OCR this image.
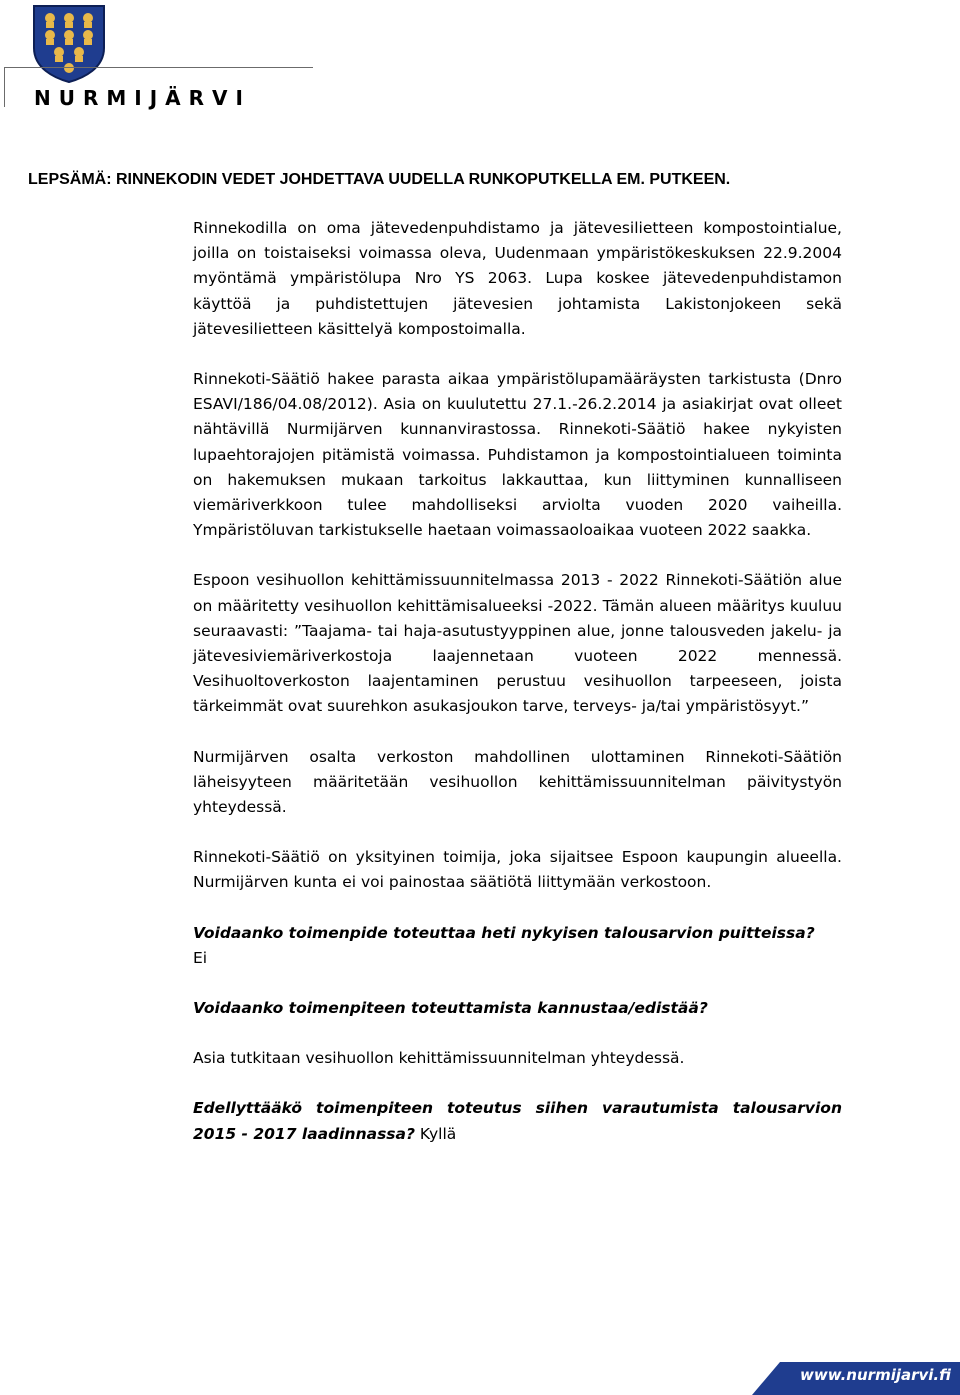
NURMIJÄRVI
LEPSÄMÄ: RINNEKODIN VEDET JOHDETTAVA UUDELLA RUNKOPUTKELLA EM. PUTKEEN.

Rinnekodilla on oma jätevedenpuhdistamo ja jätevesilietteen kompostointialue, joilla on toistaiseksi voimassa oleva, Uudenmaan ympäristökeskuksen 22.9.2004 myöntämä ympäristölupa Nro YS 2063. Lupa koskee jätevedenpuhdistamon käyttöä ja puhdistettujen jätevesien johtamista Lakistonjokeen sekä jätevesilietteen käsittelyä kompostoimalla.

Rinnekoti-Säätiö hakee parasta aikaa ympäristölupamääräysten tarkistusta (Dnro ESAVI/186/04.08/2012). Asia on kuulutettu 27.1.-26.2.2014 ja asiakirjat ovat olleet nähtävillä Nurmijärven kunnanvirastossa. Rinnekoti-Säätiö hakee nykyisten lupaehtorajojen pitämistä voimassa. Puhdistamon ja kompostointialueen toiminta on hakemuksen mukaan tarkoitus lakkauttaa, kun liittyminen kunnalliseen viemäriverkkoon tulee mahdolliseksi arviolta vuoden 2020 vaiheilla. Ympäristöluvan tarkistukselle haetaan voimassaoloaikaa vuoteen 2022 saakka.

Espoon vesihuollon kehittämissuunnitelmassa 2013 - 2022 Rinnekoti-Säätiön alue on määritetty vesihuollon kehittämisalueeksi -2022. Tämän alueen määritys kuuluu seuraavasti: ”Taajama- tai haja-asutustyyppinen alue, jonne talousveden jakelu- ja jätevesiviemäriverkostoja laajennetaan vuoteen 2022 mennessä. Vesihuoltoverkoston laajentaminen perustuu vesihuollon tarpeeseen, joista tärkeimmät ovat suurehkon asukasjoukon tarve, terveys- ja/tai ympäristösyyt.”

Nurmijärven osalta verkoston mahdollinen ulottaminen Rinnekoti-Säätiön läheisyyteen määritetään vesihuollon kehittämissuunnitelman päivitystyön yhteydessä.

Rinnekoti-Säätiö on yksityinen toimija, joka sijaitsee Espoon kaupungin alueella. Nurmijärven kunta ei voi painostaa säätiötä liittymään verkostoon.

Voidaanko toimenpide toteuttaa heti nykyisen talousarvion puitteissa?
Ei

Voidaanko toimenpiteen toteuttamista kannustaa/edistää?

Asia tutkitaan vesihuollon kehittämissuunnitelman yhteydessä.

Edellyttääkö toimenpiteen toteutus siihen varautumista talousarvion 2015 - 2017 laadinnassa? Kyllä

www.nurmijarvi.fi
